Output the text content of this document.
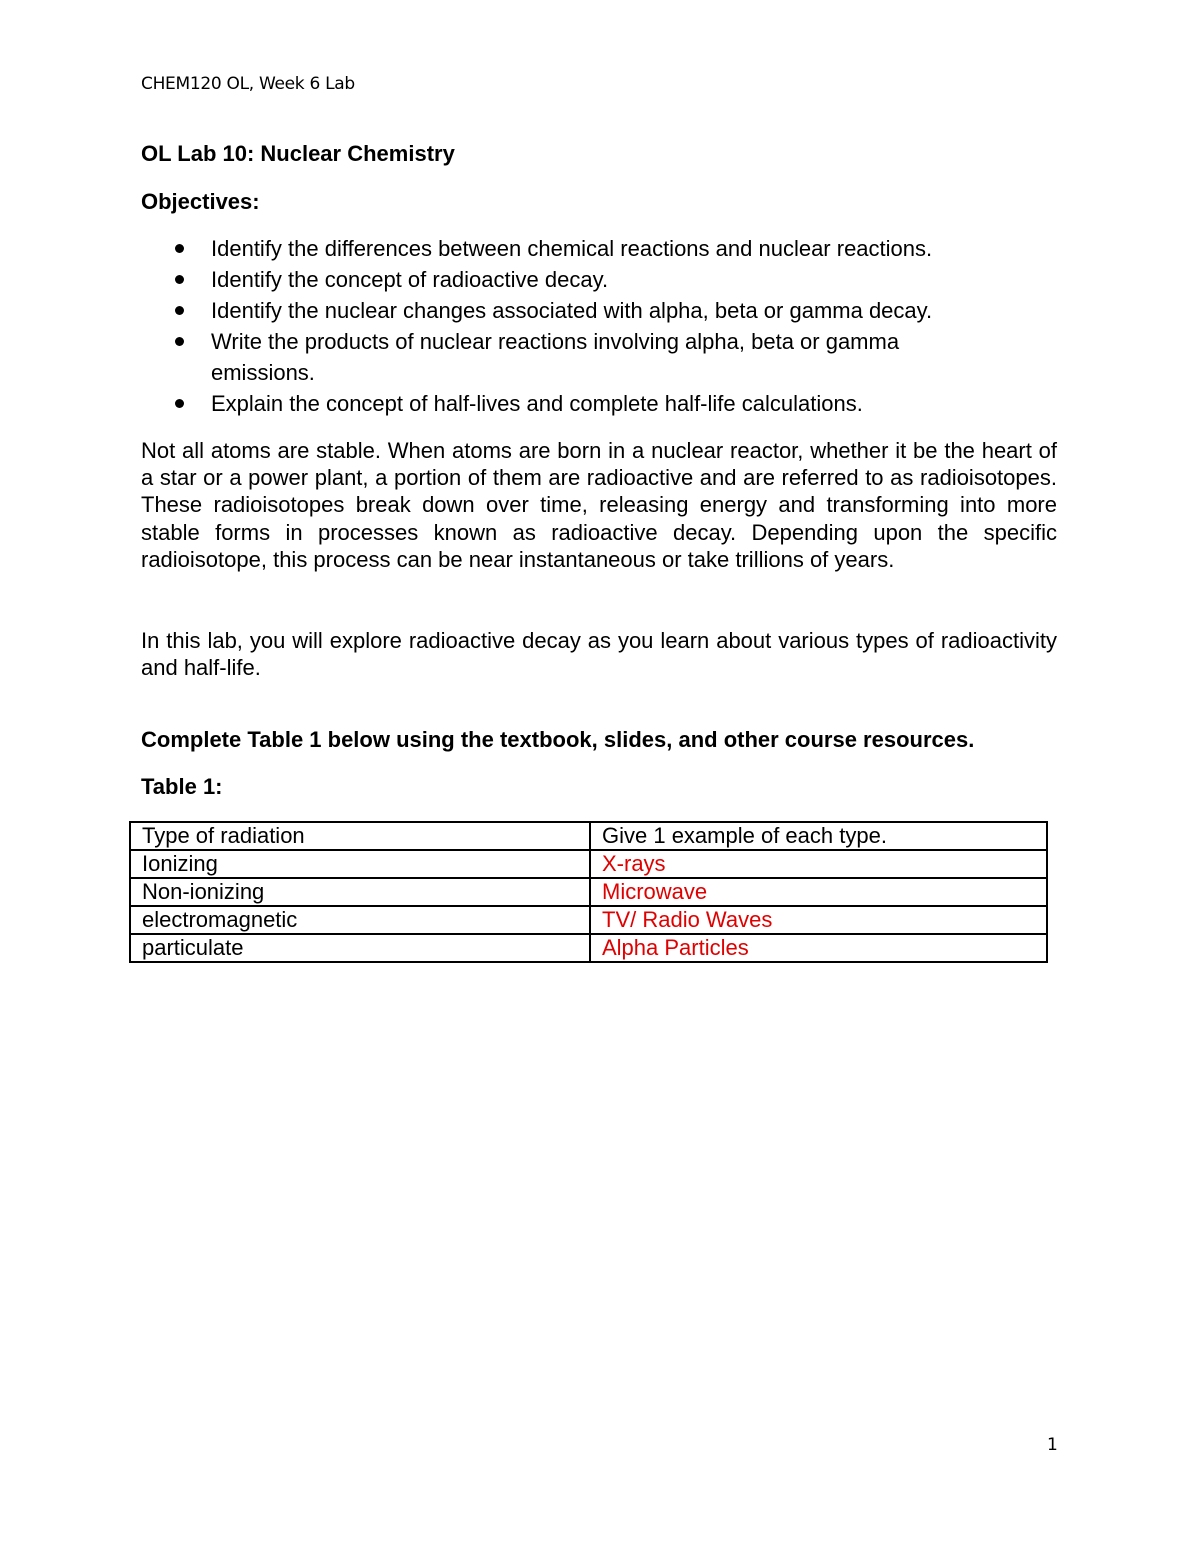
CHEM120 OL, Week 6 Lab
OL Lab 10: Nuclear Chemistry
Objectives:
Identify the differences between chemical reactions and nuclear reactions.
Identify the concept of radioactive decay.
Identify the nuclear changes associated with alpha, beta or gamma decay.
Write the products of nuclear reactions involving alpha, beta or gamma emissions.
Explain the concept of half-lives and complete half-life calculations.

Not all atoms are stable. When atoms are born in a nuclear reactor, whether it be the heart of a star or a power plant, a portion of them are radioactive and are referred to as radioisotopes. These radioisotopes break down over time, releasing energy and transforming into more stable forms in processes known as radioactive decay. Depending upon the specific radioisotope, this process can be near instantaneous or take trillions of years.

In this lab, you will explore radioactive decay as you learn about various types of radioactivity and half-life.

Complete Table 1 below using the textbook, slides, and other course resources.

Table 1:

Type of radiation	Give 1 example of each type.
Ionizing	X-rays
Non-ionizing	Microwave
electromagnetic	TV/ Radio Waves
particulate	Alpha Particles
1
